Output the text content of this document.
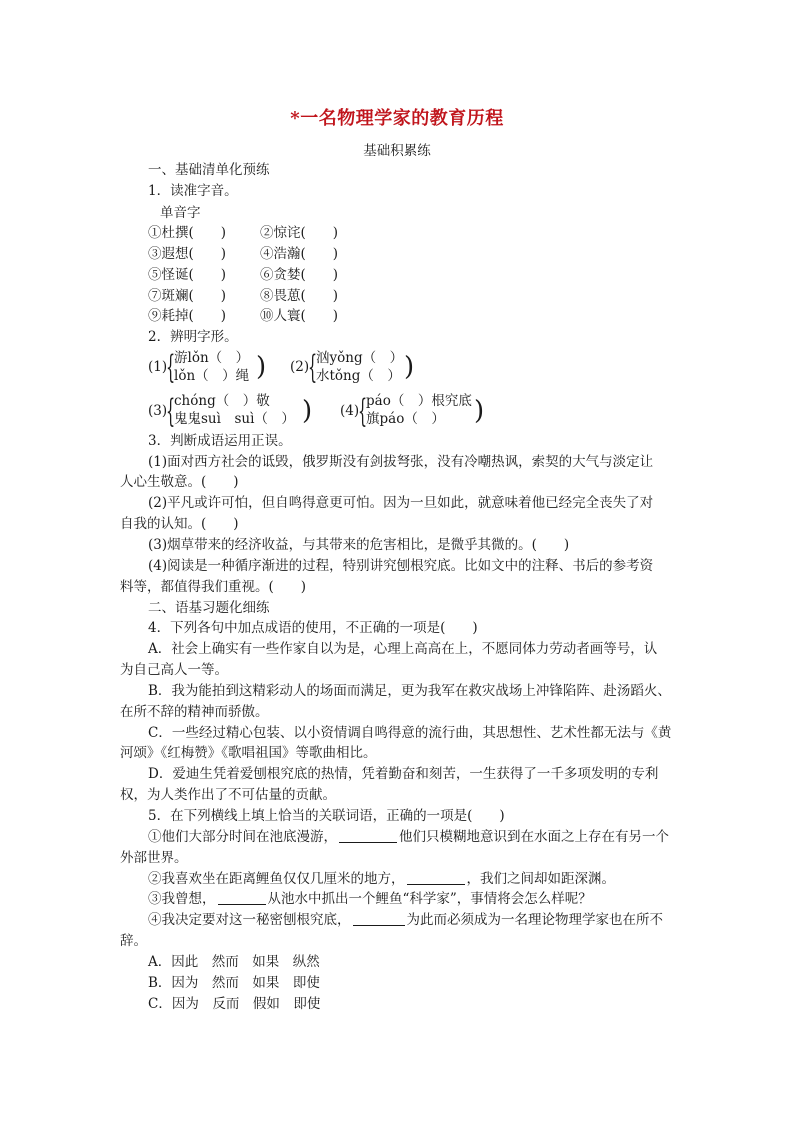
*一名物理学家的教育历程
基础积累练
一、基础清单化预练
1．读准字音。
单音字
①杜撰(　　)	②惊诧(　　)
③遐想(　　)	④浩瀚(　　)
⑤怪诞(　　)	⑥贪婪(　　)
⑦斑斓(　　)	⑧畏葸(　　)
⑨耗掉(　　)	⑩人寰(　　)
2．辨明字形。
(1)
{
游lǒn（　）
lǒn（　）绳 ) (2)
{
汹yǒng（　）
水tǒng（　） )
(3)
{
chóng（　）敬
鬼鬼suì　suì（　） ) (4)
{
páo（　）根究底
旗páo（　） )
3．判断成语运用正误。
(1)面对西方社会的诋毁，俄罗斯没有剑拔弩张，没有冷嘲热讽，索契的大气与淡定让
人心生敬意。(　　)
(2)平凡或许可怕，但自鸣得意更可怕。因为一旦如此，就意味着他已经完全丧失了对
自我的认知。(　　)
(3)烟草带来的经济收益，与其带来的危害相比，是微乎其微的。(　　)
(4)阅读是一种循序渐进的过程，特别讲究刨根究底。比如文中的注释、书后的参考资
料等，都值得我们重视。(　　)
二、语基习题化细练
4．下列各句中加点成语的使用，不正确的一项是(　　)
A．社会上确实有一些作家自以为是，心理上高高在上，不愿同体力劳动者画等号，认
为自己高人一等。
B．我为能拍到这精彩动人的场面而满足，更为我军在救灾战场上冲锋陷阵、赴汤蹈火、
在所不辞的精神而骄傲。
C．一些经过精心包装、以小资情调自鸣得意的流行曲，其思想性、艺术性都无法与《黄
河颂》《红梅赞》《歌唱祖国》等歌曲相比。
D．爱迪生凭着爱刨根究底的热情，凭着勤奋和刻苦，一生获得了一千多项发明的专利
权，为人类作出了不可估量的贡献。
5．在下列横线上填上恰当的关联词语，正确的一项是(　　)
①他们大部分时间在池底漫游，	他们只模糊地意识到在水面之上存在有另一个
外部世界。
②我喜欢坐在距离鲤鱼仅仅几厘米的地方，	，我们之间却如距深渊。
③我曾想，	从池水中抓出一个鲤鱼“科学家”，事情将会怎么样呢？
④我决定要对这一秘密刨根究底，	为此而必须成为一名理论物理学家也在所不
辞。
A．因此　然而　如果　纵然
B．因为　然而　如果　即使
C．因为　反而　假如　即使
